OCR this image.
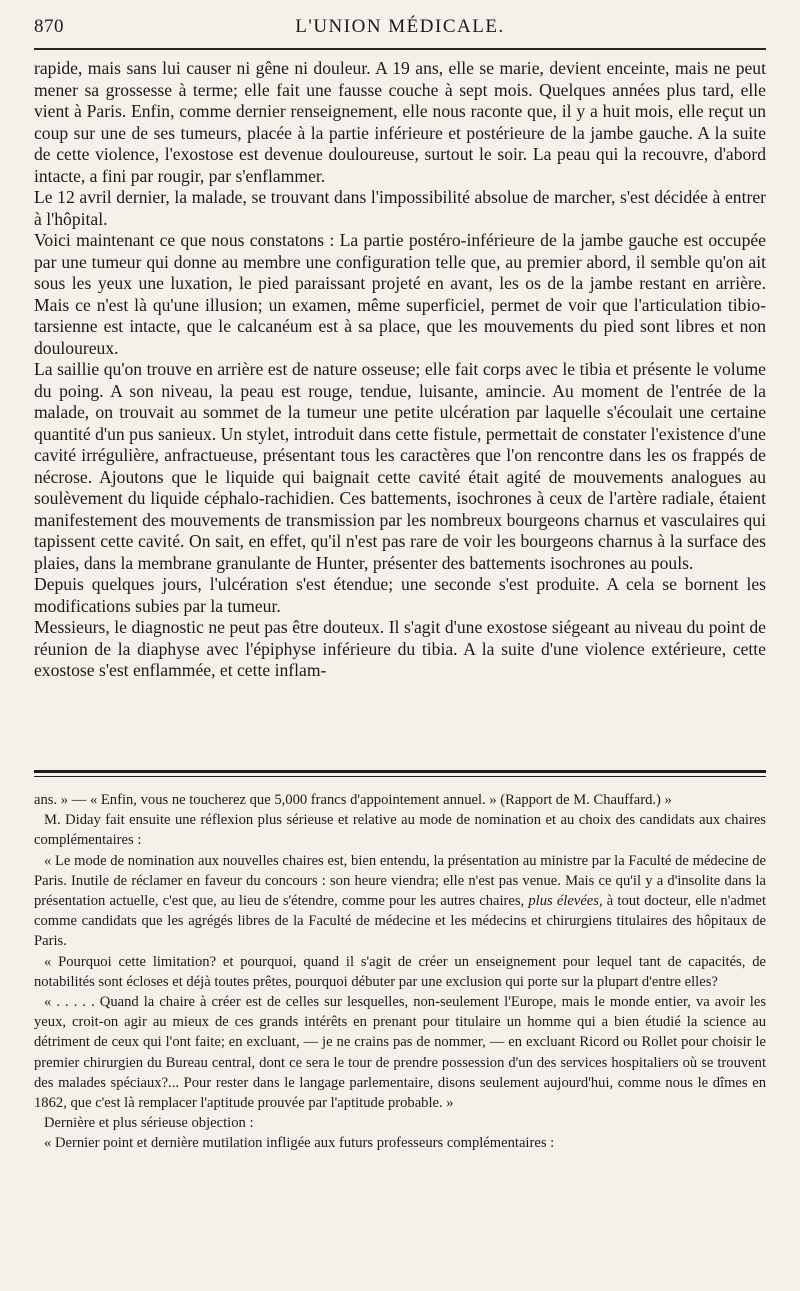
870	L'UNION MÉDICALE.

rapide, mais sans lui causer ni gêne ni douleur. A 19 ans, elle se marie, devient enceinte, mais ne peut mener sa grossesse à terme; elle fait une fausse couche à sept mois. Quelques années plus tard, elle vient à Paris. Enfin, comme dernier renseignement, elle nous raconte que, il y a huit mois, elle reçut un coup sur une de ses tumeurs, placée à la partie inférieure et postérieure de la jambe gauche. A la suite de cette violence, l'exostose est devenue douloureuse, surtout le soir. La peau qui la recouvre, d'abord intacte, a fini par rougir, par s'enflammer.

Le 12 avril dernier, la malade, se trouvant dans l'impossibilité absolue de marcher, s'est décidée à entrer à l'hôpital.

Voici maintenant ce que nous constatons : La partie postéro-inférieure de la jambe gauche est occupée par une tumeur qui donne au membre une configuration telle que, au premier abord, il semble qu'on ait sous les yeux une luxation, le pied paraissant projeté en avant, les os de la jambe restant en arrière. Mais ce n'est là qu'une illusion; un examen, même superficiel, permet de voir que l'articulation tibio-tarsienne est intacte, que le calcanéum est à sa place, que les mouvements du pied sont libres et non douloureux.

La saillie qu'on trouve en arrière est de nature osseuse; elle fait corps avec le tibia et présente le volume du poing. A son niveau, la peau est rouge, tendue, luisante, amincie. Au moment de l'entrée de la malade, on trouvait au sommet de la tumeur une petite ulcération par laquelle s'écoulait une certaine quantité d'un pus sanieux. Un stylet, introduit dans cette fistule, permettait de constater l'existence d'une cavité irrégulière, anfractueuse, présentant tous les caractères que l'on rencontre dans les os frappés de nécrose. Ajoutons que le liquide qui baignait cette cavité était agité de mouvements analogues au soulèvement du liquide céphalo-rachidien. Ces battements, isochrones à ceux de l'artère radiale, étaient manifestement des mouvements de transmission par les nombreux bourgeons charnus et vasculaires qui tapissent cette cavité. On sait, en effet, qu'il n'est pas rare de voir les bourgeons charnus à la surface des plaies, dans la membrane granulante de Hunter, présenter des battements isochrones au pouls.

Depuis quelques jours, l'ulcération s'est étendue; une seconde s'est produite. A cela se bornent les modifications subies par la tumeur.

Messieurs, le diagnostic ne peut pas être douteux. Il s'agit d'une exostose siégeant au niveau du point de réunion de la diaphyse avec l'épiphyse inférieure du tibia. A la suite d'une violence extérieure, cette exostose s'est enflammée, et cette inflam-

ans. » — « Enfin, vous ne toucherez que 5,000 francs d'appointement annuel. » (Rapport de M. Chauffard.) »

M. Diday fait ensuite une réflexion plus sérieuse et relative au mode de nomination et au choix des candidats aux chaires complémentaires :

« Le mode de nomination aux nouvelles chaires est, bien entendu, la présentation au ministre par la Faculté de médecine de Paris. Inutile de réclamer en faveur du concours : son heure viendra; elle n'est pas venue. Mais ce qu'il y a d'insolite dans la présentation actuelle, c'est que, au lieu de s'étendre, comme pour les autres chaires, plus élevées, à tout docteur, elle n'admet comme candidats que les agrégés libres de la Faculté de médecine et les médecins et chirurgiens titulaires des hôpitaux de Paris.

« Pourquoi cette limitation? et pourquoi, quand il s'agit de créer un enseignement pour lequel tant de capacités, de notabilités sont écloses et déjà toutes prêtes, pourquoi débuter par une exclusion qui porte sur la plupart d'entre elles?

« . . . . . Quand la chaire à créer est de celles sur lesquelles, non-seulement l'Europe, mais le monde entier, va avoir les yeux, croit-on agir au mieux de ces grands intérêts en prenant pour titulaire un homme qui a bien étudié la science au détriment de ceux qui l'ont faite; en excluant, — je ne crains pas de nommer, — en excluant Ricord ou Rollet pour choisir le premier chirurgien du Bureau central, dont ce sera le tour de prendre possession d'un des services hospitaliers où se trouvent des malades spéciaux?... Pour rester dans le langage parlementaire, disons seulement aujourd'hui, comme nous le dîmes en 1862, que c'est là remplacer l'aptitude prouvée par l'aptitude probable. »

Dernière et plus sérieuse objection :

« Dernier point et dernière mutilation infligée aux futurs professeurs complémentaires :
